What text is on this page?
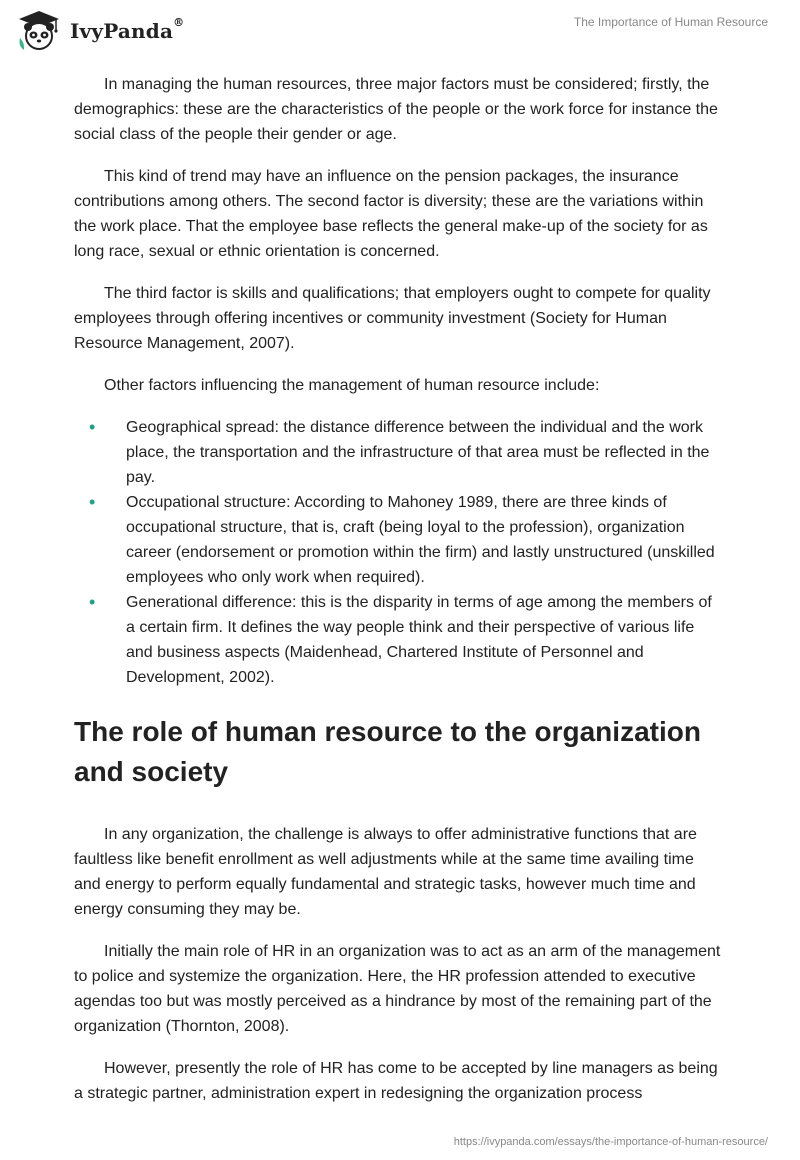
IvyPanda®	The Importance of Human Resource

In managing the human resources, three major factors must be considered; firstly, the demographics: these are the characteristics of the people or the work force for instance the social class of the people their gender or age.

This kind of trend may have an influence on the pension packages, the insurance contributions among others. The second factor is diversity; these are the variations within the work place. That the employee base reflects the general make-up of the society for as long race, sexual or ethnic orientation is concerned.

The third factor is skills and qualifications; that employers ought to compete for quality employees through offering incentives or community investment (Society for Human Resource Management, 2007).

Other factors influencing the management of human resource include:

• Geographical spread: the distance difference between the individual and the work place, the transportation and the infrastructure of that area must be reflected in the pay.
• Occupational structure: According to Mahoney 1989, there are three kinds of occupational structure, that is, craft (being loyal to the profession), organization career (endorsement or promotion within the firm) and lastly unstructured (unskilled employees who only work when required).
• Generational difference: this is the disparity in terms of age among the members of a certain firm. It defines the way people think and their perspective of various life and business aspects (Maidenhead, Chartered Institute of Personnel and Development, 2002).
The role of human resource to the organization and society

In any organization, the challenge is always to offer administrative functions that are faultless like benefit enrollment as well adjustments while at the same time availing time and energy to perform equally fundamental and strategic tasks, however much time and energy consuming they may be.

Initially the main role of HR in an organization was to act as an arm of the management to police and systemize the organization. Here, the HR profession attended to executive agendas too but was mostly perceived as a hindrance by most of the remaining part of the organization (Thornton, 2008).

However, presently the role of HR has come to be accepted by line managers as being a strategic partner, administration expert in redesigning the organization process

https://ivypanda.com/essays/the-importance-of-human-resource/
